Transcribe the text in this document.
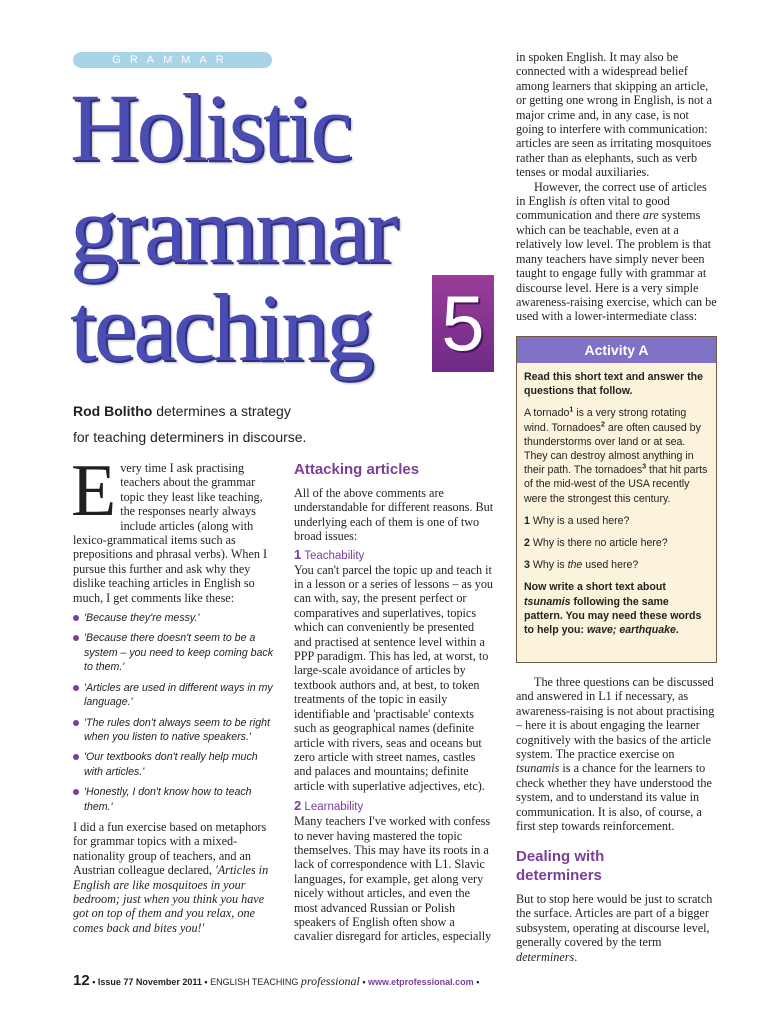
GRAMMAR
Holistic
grammar
teaching 5
Rod Bolitho determines a strategy
for teaching determiners in discourse.

Every time I ask practising teachers about the grammar topic they least like teaching, the responses nearly always include articles (along with lexico-grammatical items such as prepositions and phrasal verbs). When I pursue this further and ask why they dislike teaching articles in English so much, I get comments like these:

'Because they're messy.'
'Because there doesn't seem to be a system – you need to keep coming back to them.'
'Articles are used in different ways in my language.'
'The rules don't always seem to be right when you listen to native speakers.'
'Our textbooks don't really help much with articles.'
'Honestly, I don't know how to teach them.'

I did a fun exercise based on metaphors for grammar topics with a mixed-nationality group of teachers, and an Austrian colleague declared, 'Articles in English are like mosquitoes in your bedroom; just when you think you have got on top of them and you relax, one comes back and bites you!'

Attacking articles

All of the above comments are understandable for different reasons. But underlying each of them is one of two broad issues:

1 Teachability

You can't parcel the topic up and teach it in a lesson or a series of lessons – as you can with, say, the present perfect or comparatives and superlatives, topics which can conveniently be presented and practised at sentence level within a PPP paradigm. This has led, at worst, to large-scale avoidance of articles by textbook authors and, at best, to token treatments of the topic in easily identifiable and 'practisable' contexts such as geographical names (definite article with rivers, seas and oceans but zero article with street names, castles and palaces and mountains; definite article with superlative adjectives, etc).

2 Learnability

Many teachers I've worked with confess to never having mastered the topic themselves. This may have its roots in a lack of correspondence with L1. Slavic languages, for example, get along very nicely without articles, and even the most advanced Russian or Polish speakers of English often show a cavalier disregard for articles, especially

in spoken English. It may also be connected with a widespread belief among learners that skipping an article, or getting one wrong in English, is not a major crime and, in any case, is not going to interfere with communication: articles are seen as irritating mosquitoes rather than as elephants, such as verb tenses or modal auxiliaries.

However, the correct use of articles in English is often vital to good communication and there are systems which can be teachable, even at a relatively low level. The problem is that many teachers have simply never been taught to engage fully with grammar at discourse level. Here is a very simple awareness-raising exercise, which can be used with a lower-intermediate class:

Activity A

Read this short text and answer the questions that follow.

A tornado$^1$ is a very strong rotating wind. Tornadoes$^2$ are often caused by thunderstorms over land or at sea. They can destroy almost anything in their path. The tornadoes$^3$ that hit parts of the mid-west of the USA recently were the strongest this century.

1 Why is a used here?

2 Why is there no article here?

3 Why is the used here?

Now write a short text about tsunamis following the same pattern. You may need these words to help you: wave; earthquake.

The three questions can be discussed and answered in L1 if necessary, as awareness-raising is not about practising – here it is about engaging the learner cognitively with the basics of the article system. The practice exercise on tsunamis is a chance for the learners to check whether they have understood the system, and to understand its value in communication. It is also, of course, a first step towards reinforcement.

Dealing with
determiners

But to stop here would be just to scratch the surface. Articles are part of a bigger subsystem, operating at discourse level, generally covered by the term determiners.

12 • Issue 77 November 2011 • ENGLISH TEACHING professional • www.etprofessional.com •
